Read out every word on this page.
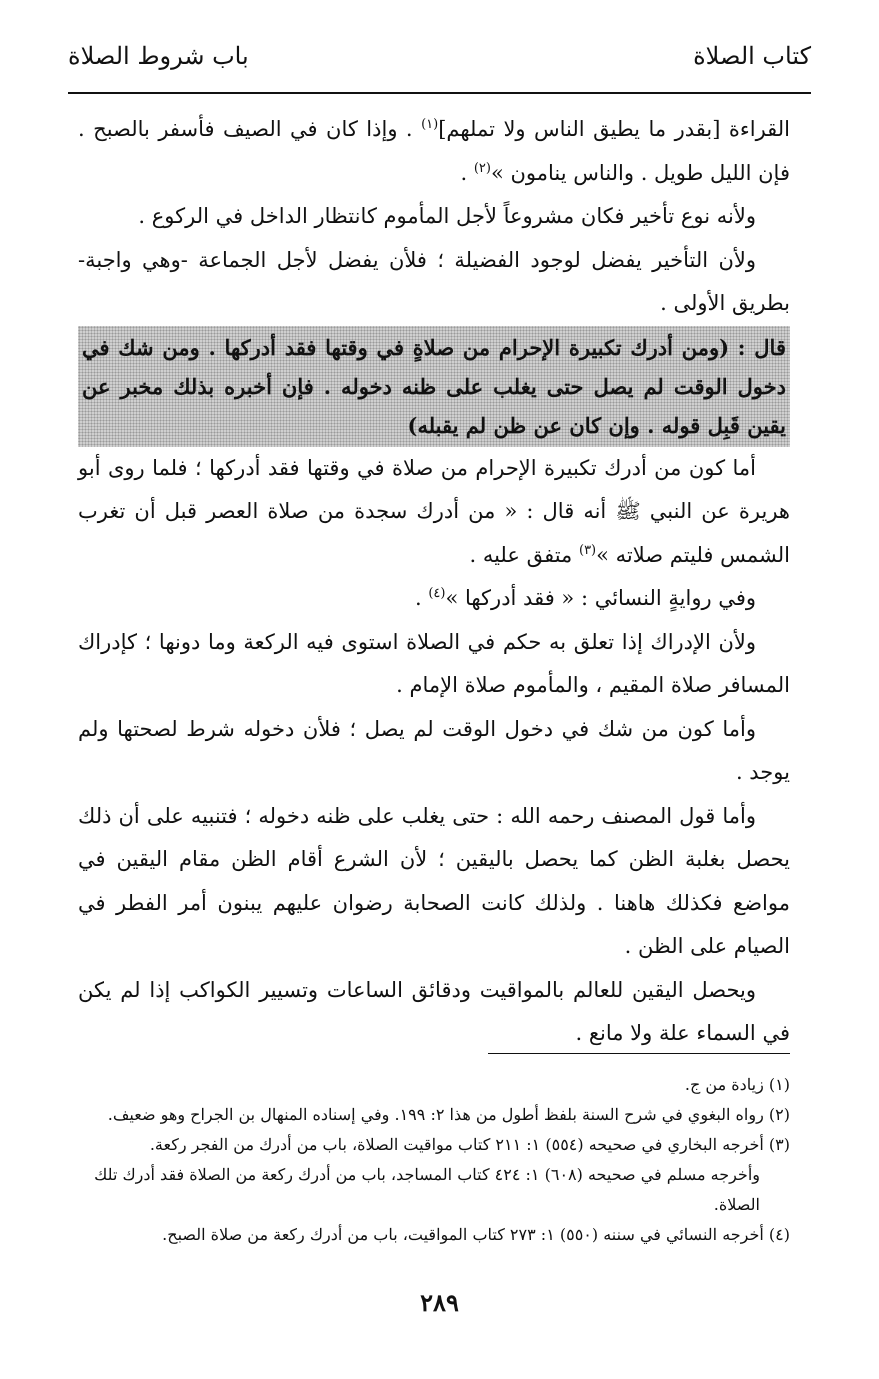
كتاب الصلاة
باب شروط الصلاة

القراءة [بقدر ما يطيق الناس ولا تملهم]$^{(١)}$ . وإذا كان في الصيف فأسفر بالصبح . فإن الليل طويل . والناس ينامون »$^{(٢)}$ .

ولأنه نوع تأخير فكان مشروعاً لأجل المأموم كانتظار الداخل في الركوع .

ولأن التأخير يفضل لوجود الفضيلة ؛ فلأن يفضل لأجل الجماعة -وهي واجبة- بطريق الأولى .

قال : (ومن أدرك تكبيرة الإحرام من صلاةٍ في وقتها فقد أدركها . ومن شك في دخول الوقت لم يصل حتى يغلب على ظنه دخوله . فإن أخبره بذلك مخبر عن يقين قَبِل قوله . وإن كان عن ظن لم يقبله)

أما كون من أدرك تكبيرة الإحرام من صلاة في وقتها فقد أدركها ؛ فلما روى أبو هريرة عن النبي ﷺ أنه قال : « من أدرك سجدة من صلاة العصر قبل أن تغرب الشمس فليتم صلاته »$^{(٣)}$ متفق عليه .

وفي روايةٍ النسائي : « فقد أدركها »$^{(٤)}$ .

ولأن الإدراك إذا تعلق به حكم في الصلاة استوى فيه الركعة وما دونها ؛ كإدراك المسافر صلاة المقيم ، والمأموم صلاة الإمام .

وأما كون من شك في دخول الوقت لم يصل ؛ فلأن دخوله شرط لصحتها ولم يوجد .

وأما قول المصنف رحمه الله : حتى يغلب على ظنه دخوله ؛ فتنبيه على أن ذلك يحصل بغلبة الظن كما يحصل باليقين ؛ لأن الشرع أقام الظن مقام اليقين في مواضع فكذلك هاهنا . ولذلك كانت الصحابة رضوان عليهم يبنون أمر الفطر في الصيام على الظن .

ويحصل اليقين للعالم بالمواقيت ودقائق الساعات وتسيير الكواكب إذا لم يكن في السماء علة ولا مانع .

(١) زيادة من ج.

(٢) رواه البغوي في شرح السنة بلفظ أطول من هذا ٢: ١٩٩. وفي إسناده المنهال بن الجراح وهو ضعيف.

(٣) أخرجه البخاري في صحيحه (٥٥٤) ١: ٢١١ كتاب مواقيت الصلاة، باب من أدرك من الفجر ركعة.

وأخرجه مسلم في صحيحه (٦٠٨) ١: ٤٢٤ كتاب المساجد، باب من أدرك ركعة من الصلاة فقد أدرك تلك الصلاة.

(٤) أخرجه النسائي في سننه (٥٥٠) ١: ٢٧٣ كتاب المواقيت، باب من أدرك ركعة من صلاة الصبح.

٢٨٩
